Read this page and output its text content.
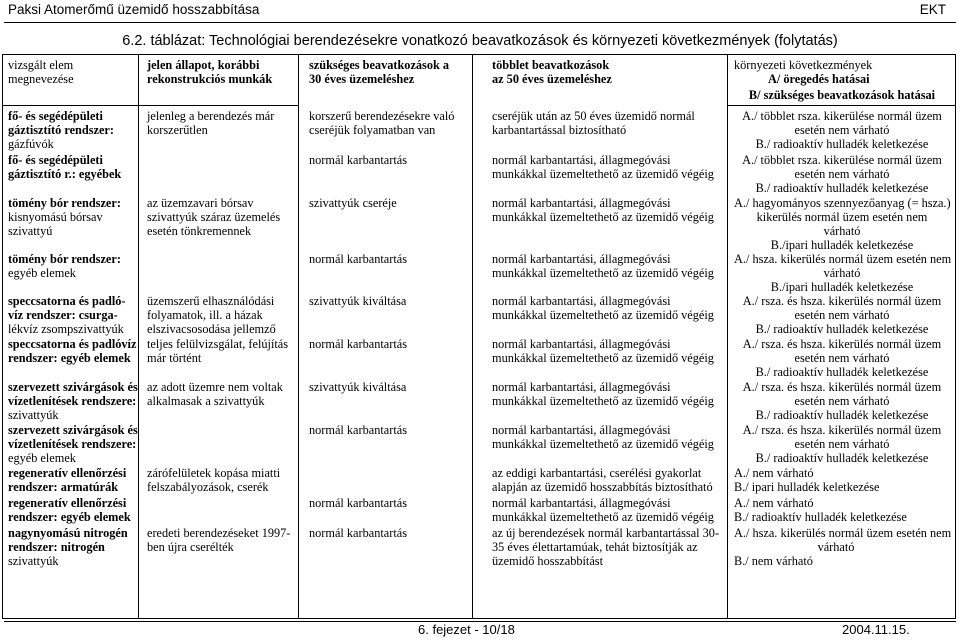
Paksi Atomerőmű üzemidő hosszabbítása	EKT
6.2. táblázat: Technológiai berendezésekre vonatkozó beavatkozások és környezeti következmények (folytatás)
vizsgált elem
megnevezése
fő- és segédépületi
gáztisztító rendszer:
gázfúvók
fő- és segédépületi
gáztisztító r.: egyébek
tömény bór rendszer:
kisnyomású bórsav
szivattyú
tömény bór rendszer:
egyéb elemek
speccsatorna és padló-
víz rendszer: csurga-
lékvíz zsompszivattyúk
speccsatorna és padlóvíz
rendszer: egyéb elemek
szervezett szivárgások és
vízetlenítések rendszere:
szivattyúk
szervezett szivárgások és
vízetlenítések rendszere:
egyéb elemek
regeneratív ellenőrzési
rendszer: armatúrák
regeneratív ellenőrzési
rendszer: egyéb elemek
nagynyomású nitrogén
rendszer: nitrogén
szivattyúk
jelen állapot, korábbi
rekonstrukciós munkák
jelenleg a berendezés már
korszerűtlen
az üzemzavari bórsav
szivattyúk száraz üzemelés
esetén tönkremennek
üzemszerű elhasználódási
folyamatok, ill. a házak
elszivacsosodása jellemző
teljes felülvizsgálat, felújítás
már történt
az adott üzemre nem voltak
alkalmasak a szivattyúk
zárófelületek kopása miatti
felszabályozások, cserék
eredeti berendezéseket 1997-
ben újra cserélték
szükséges beavatkozások a
30 éves üzemeléshez
korszerű berendezésekre való
cseréjük folyamatban van
normál karbantartás
szivattyúk cseréje
normál karbantartás
szivattyúk kiváltása
normál karbantartás
szivattyúk kiváltása
normál karbantartás
normál karbantartás
normál karbantartás
többlet beavatkozások
az 50 éves üzemeléshez
cseréjük után az 50 éves üzemidő normál
karbantartással biztosítható
normál karbantartási, állagmegóvási
munkákkal üzemeltethető az üzemidő végéig
normál karbantartási, állagmegóvási
munkákkal üzemeltethető az üzemidő végéig
normál karbantartási, állagmegóvási
munkákkal üzemeltethető az üzemidő végéig
normál karbantartási, állagmegóvási
munkákkal üzemeltethető az üzemidő végéig
normál karbantartási, állagmegóvási
munkákkal üzemeltethető az üzemidő végéig
normál karbantartási, állagmegóvási
munkákkal üzemeltethető az üzemidő végéig
normál karbantartási, állagmegóvási
munkákkal üzemeltethető az üzemidő végéig
az eddigi karbantartási, cserélési gyakorlat
alapján az üzemidő hosszabbítás biztosítható
normál karbantartási, állagmegóvási
munkákkal üzemeltethető az üzemidő végéig
az új berendezések normál karbantartással 30-
35 éves élettartamúak, tehát biztosítják az
üzemidő hosszabbítást
környezeti következmények
A/ öregedés hatásai
B/ szükséges beavatkozások hatásai
A./ többlet rsza. kikerülése normál üzem
esetén nem várható
B./ radioaktív hulladék keletkezése
A./ többlet rsza. kikerülése normál üzem
esetén nem várható
B./ radioaktív hulladék keletkezése
A./ hagyományos szennyezőanyag (= hsza.)
kikerülés normál üzem esetén nem
várható
B./ipari hulladék keletkezése
A./ hsza. kikerülés normál üzem esetén nem
várható
B./ipari hulladék keletkezése
A./ rsza. és hsza. kikerülés normál üzem
esetén nem várható
B./ radioaktív hulladék keletkezése
A./ rsza. és hsza. kikerülés normál üzem
esetén nem várható
B./ radioaktív hulladék keletkezése
A./ rsza. és hsza. kikerülés normál üzem
esetén nem várható
B./ radioaktív hulladék keletkezése
A./ rsza. és hsza. kikerülés normál üzem
esetén nem várható
B./ radioaktív hulladék keletkezése
A./ nem várható
B./ ipari hulladék keletkezése
A./ nem várható
B./ radioaktív hulladék keletkezése
A./ hsza. kikerülés normál üzem esetén nem
várható
B./ nem várható
6. fejezet - 10/18	2004.11.15.
